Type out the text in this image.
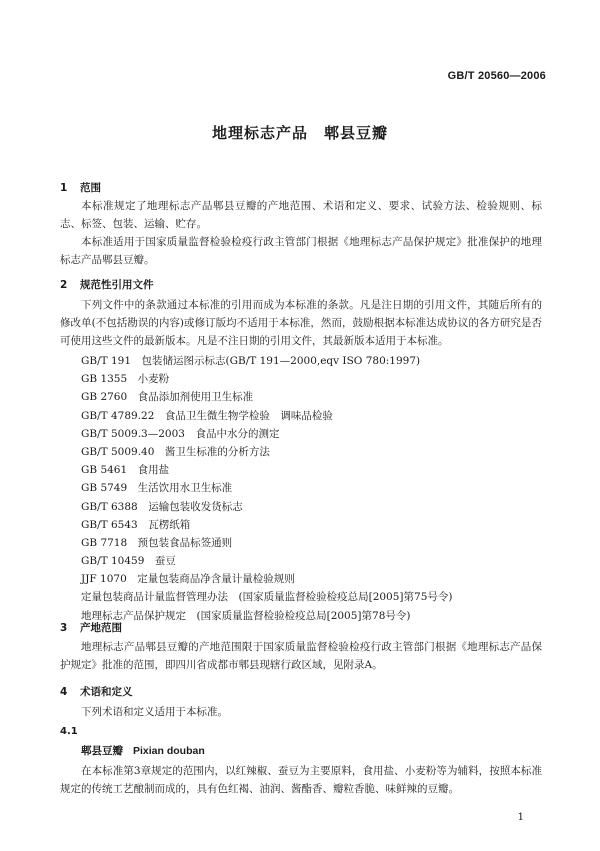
GB/T 20560—2006
地理标志产品　郫县豆瓣
1 范围
本标准规定了地理标志产品郫县豆瓣的产地范围、术语和定义、要求、试验方法、检验规则、标志、标签、包装、运输、贮存。
本标准适用于国家质量监督检验检疫行政主管部门根据《地理标志产品保护规定》批准保护的地理标志产品郫县豆瓣。
2 规范性引用文件
下列文件中的条款通过本标准的引用而成为本标准的条款。凡是注日期的引用文件，其随后所有的修改单(不包括勘误的内容)或修订版均不适用于本标准，然而，鼓励根据本标准达成协议的各方研究是否可使用这些文件的最新版本。凡是不注日期的引用文件，其最新版本适用于本标准。
GB/T 191　 包装储运图示标志(GB/T 191—2000,eqv ISO 780:1997)
GB 1355　 小麦粉
GB 2760　 食品添加剂使用卫生标准
GB/T 4789.22　 食品卫生微生物学检验　调味品检验
GB/T 5009.3—2003　 食品中水分的测定
GB/T 5009.40　 酱卫生标准的分析方法
GB 5461　 食用盐
GB 5749　 生活饮用水卫生标准
GB/T 6388　 运输包装收发货标志
GB/T 6543　 瓦楞纸箱
GB 7718　 预包装食品标签通则
GB/T 10459　 蚕豆
JJF 1070　 定量包装商品净含量计量检验规则
定量包装商品计量监督管理办法　 (国家质量监督检验检疫总局[2005]第75号令)
地理标志产品保护规定　 (国家质量监督检验检疫总局[2005]第78号令)
3 产地范围
地理标志产品郫县豆瓣的产地范围限于国家质量监督检验检疫行政主管部门根据《地理标志产品保护规定》批准的范围，即四川省成都市郫县现辖行政区域，见附录A。
4 术语和定义
下列术语和定义适用于本标准。
4.1
郫县豆瓣 Pixian douban
在本标准第3章规定的范围内，以红辣椒、蚕豆为主要原料，食用盐、小麦粉等为辅料，按照本标准规定的传统工艺酿制而成的，具有色红褐、油润、酱酯香、瓣粒香脆、味鲜辣的豆瓣。
1
